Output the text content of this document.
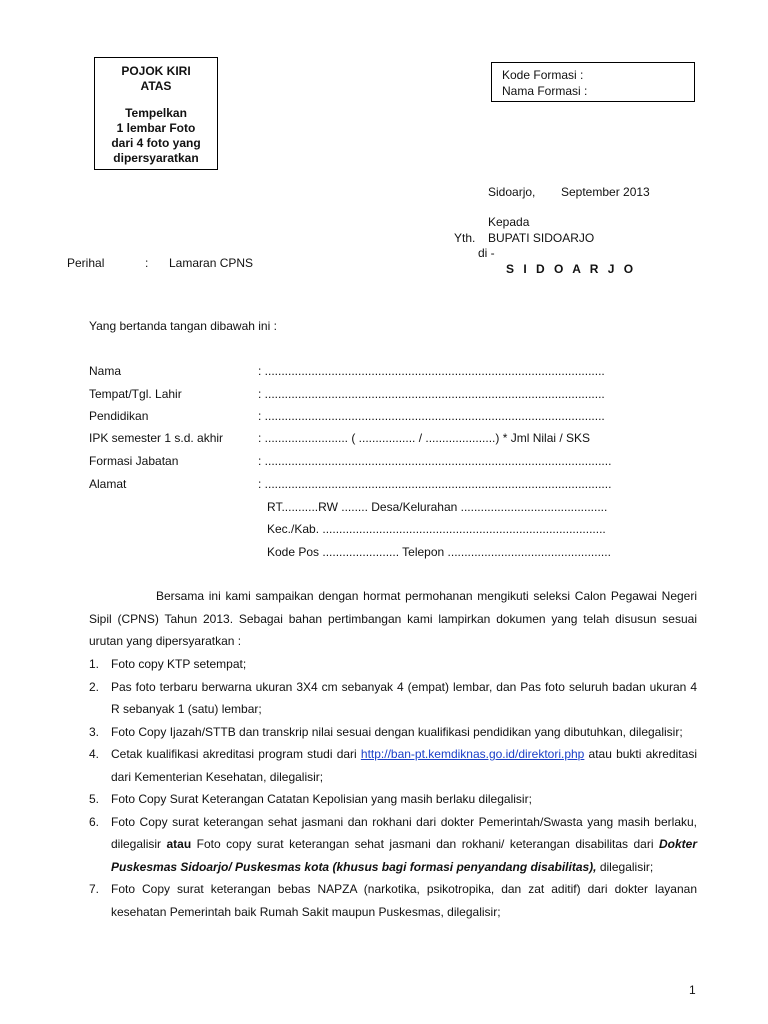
POJOK KIRI
ATAS
Tempelkan
1 lembar Foto
dari 4 foto yang
dipersyaratkan
Kode Formasi :
Nama Formasi :
Sidoarjo, September 2013
Kepada
Yth. BUPATI SIDOARJO
di -
S I D O A R J O
Perihal	: Lamaran CPNS
Yang bertanda tangan dibawah ini :
Nama	: ......................................................................................................
Tempat/Tgl. Lahir	: ......................................................................................................
Pendidikan	: ......................................................................................................
IPK semester 1 s.d. akhir	: ......................... ( ................. / .....................) * Jml Nilai / SKS
Formasi Jabatan	: ........................................................................................................
Alamat	: ........................................................................................................
RT...........RW ........ Desa/Kelurahan ............................................
Kec./Kab. .....................................................................................
Kode Pos ....................... Telepon .................................................
Bersama ini kami sampaikan dengan hormat permohanan mengikuti seleksi Calon Pegawai Negeri Sipil (CPNS) Tahun 2013. Sebagai bahan pertimbangan kami lampirkan dokumen yang telah disusun sesuai urutan yang dipersyaratkan :
1. Foto copy KTP setempat;
2. Pas foto terbaru berwarna ukuran 3X4 cm sebanyak 4 (empat) lembar, dan Pas foto seluruh badan ukuran 4 R sebanyak 1 (satu) lembar;
3. Foto Copy Ijazah/STTB dan transkrip nilai sesuai dengan kualifikasi pendidikan yang dibutuhkan, dilegalisir;
4. Cetak kualifikasi akreditasi program studi dari http://ban-pt.kemdiknas.go.id/direktori.php atau bukti akreditasi dari Kementerian Kesehatan, dilegalisir;
5. Foto Copy Surat Keterangan Catatan Kepolisian yang masih berlaku dilegalisir;
6. Foto Copy surat keterangan sehat jasmani dan rokhani dari dokter Pemerintah/Swasta yang masih berlaku, dilegalisir atau Foto copy surat keterangan sehat jasmani dan rokhani/ keterangan disabilitas dari Dokter Puskesmas Sidoarjo/ Puskesmas kota (khusus bagi formasi penyandang disabilitas), dilegalisir;
7. Foto Copy surat keterangan bebas NAPZA (narkotika, psikotropika, dan zat aditif) dari dokter layanan kesehatan Pemerintah baik Rumah Sakit maupun Puskesmas, dilegalisir;
1
